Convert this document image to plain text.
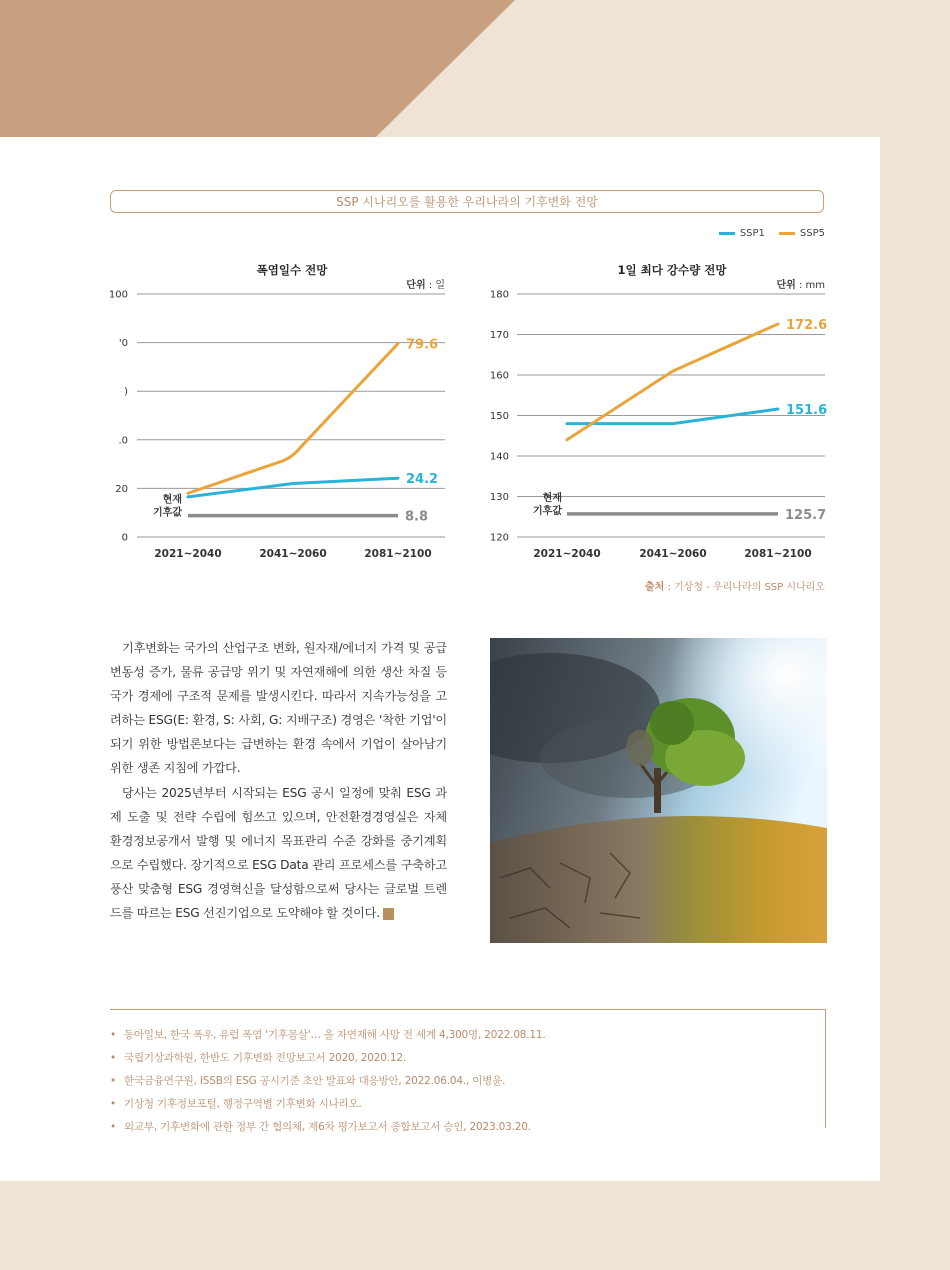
SSP 시나리오를 활용한 우리나라의 기후변화 전망
SSP1	SSP5
폭염일수 전망
단위 : 일
100
'0
)
.0
20
0
2021~2040	2041~2060	2081~2100
현재
기후값	8.8
24.2
79.6
1일 최다 강수량 전망
단위 : mm
180
170
160
150
140
130
120
2021~2040	2041~2060	2081~2100
현재
기후값	125.7
151.6
172.6
출처 : 기상청 - 우리나라의 SSP 시나리오

기후변화는 국가의 산업구조 변화, 원자재/에너지 가격 및 공급 변동성 증가, 물류 공급망 위기 및 자연재해에 의한 생산 차질 등 국가 경제에 구조적 문제를 발생시킨다. 따라서 지속가능성을 고려하는 ESG(E: 환경, S: 사회, G: 지배구조) 경영은 '착한 기업'이 되기 위한 방법론보다는 급변하는 환경 속에서 기업이 살아남기 위한 생존 지침에 가깝다.

당사는 2025년부터 시작되는 ESG 공시 일정에 맞춰 ESG 과제 도출 및 전략 수립에 힘쓰고 있으며, 안전환경경영실은 자체 환경정보공개서 발행 및 에너지 목표관리 수준 강화를 중기계획으로 수립했다. 장기적으로 ESG Data 관리 프로세스를 구축하고 풍산 맞춤형 ESG 경영혁신을 달성함으로써 당사는 글로벌 트렌드를 따르는 ESG 선진기업으로 도약해야 할 것이다.

• 동아일보, 한국 폭우, 유럽 폭염 '기후몸살'… 올 자연재해 사망 전 세계 4,300명, 2022.08.11.
• 국립기상과학원, 한반도 기후변화 전망보고서 2020, 2020.12.
• 한국금융연구원, ISSB의 ESG 공시기준 초안 발표와 대응방안, 2022.06.04., 이병윤.
• 기상청 기후정보포털, 행정구역별 기후변화 시나리오.
• 외교부, 기후변화에 관한 정부 간 협의체, 제6차 평가보고서 종합보고서 승인, 2023.03.20.
